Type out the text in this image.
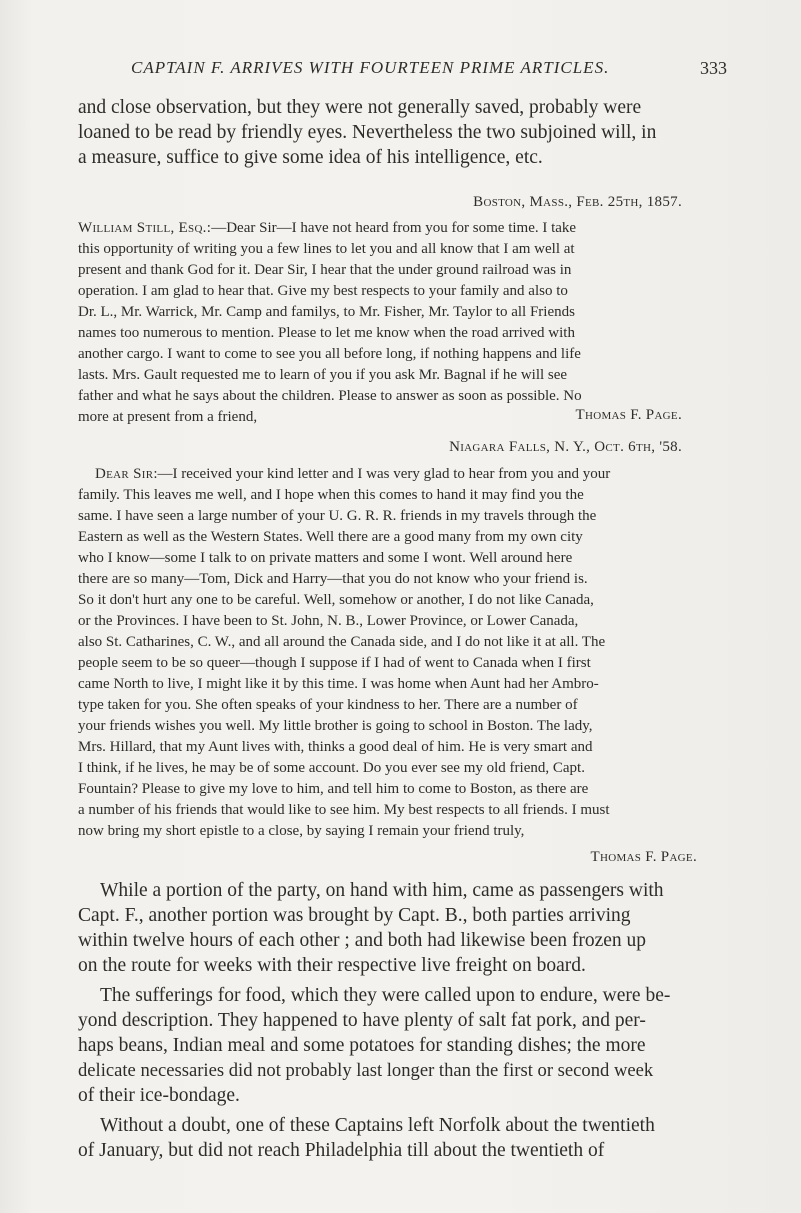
CAPTAIN F. ARRIVES WITH FOURTEEN PRIME ARTICLES.	333
and close observation, but they were not generally saved, probably were
loaned to be read by friendly eyes. Nevertheless the two subjoined will, in
a measure, suffice to give some idea of his intelligence, etc.
Boston, Mass., Feb. 25th, 1857.
William Still, Esq.:—Dear Sir—I have not heard from you for some time. I take
this opportunity of writing you a few lines to let you and all know that I am well at
present and thank God for it. Dear Sir, I hear that the under ground railroad was in
operation. I am glad to hear that. Give my best respects to your family and also to
Dr. L., Mr. Warrick, Mr. Camp and familys, to Mr. Fisher, Mr. Taylor to all Friends
names too numerous to mention. Please to let me know when the road arrived with
another cargo. I want to come to see you all before long, if nothing happens and life
lasts. Mrs. Gault requested me to learn of you if you ask Mr. Bagnal if he will see
father and what he says about the children. Please to answer as soon as possible. No
more at present from a friend,	Thomas F. Page.
Niagara Falls, N. Y., Oct. 6th, '58.
Dear Sir:—I received your kind letter and I was very glad to hear from you and your
family. This leaves me well, and I hope when this comes to hand it may find you the
same. I have seen a large number of your U. G. R. R. friends in my travels through the
Eastern as well as the Western States. Well there are a good many from my own city
who I know—some I talk to on private matters and some I wont. Well around here
there are so many—Tom, Dick and Harry—that you do not know who your friend is.
So it don't hurt any one to be careful. Well, somehow or another, I do not like Canada,
or the Provinces. I have been to St. John, N. B., Lower Province, or Lower Canada,
also St. Catharines, C. W., and all around the Canada side, and I do not like it at all. The
people seem to be so queer—though I suppose if I had of went to Canada when I first
came North to live, I might like it by this time. I was home when Aunt had her Ambro-
type taken for you. She often speaks of your kindness to her. There are a number of
your friends wishes you well. My little brother is going to school in Boston. The lady,
Mrs. Hillard, that my Aunt lives with, thinks a good deal of him. He is very smart and
I think, if he lives, he may be of some account. Do you ever see my old friend, Capt.
Fountain? Please to give my love to him, and tell him to come to Boston, as there are
a number of his friends that would like to see him. My best respects to all friends. I must
now bring my short epistle to a close, by saying I remain your friend truly,
Thomas F. Page.
While a portion of the party, on hand with him, came as passengers with
Capt. F., another portion was brought by Capt. B., both parties arriving
within twelve hours of each other ; and both had likewise been frozen up
on the route for weeks with their respective live freight on board.
The sufferings for food, which they were called upon to endure, were be-
yond description. They happened to have plenty of salt fat pork, and per-
haps beans, Indian meal and some potatoes for standing dishes; the more
delicate necessaries did not probably last longer than the first or second week
of their ice-bondage.
Without a doubt, one of these Captains left Norfolk about the twentieth
of January, but did not reach Philadelphia till about the twentieth of
